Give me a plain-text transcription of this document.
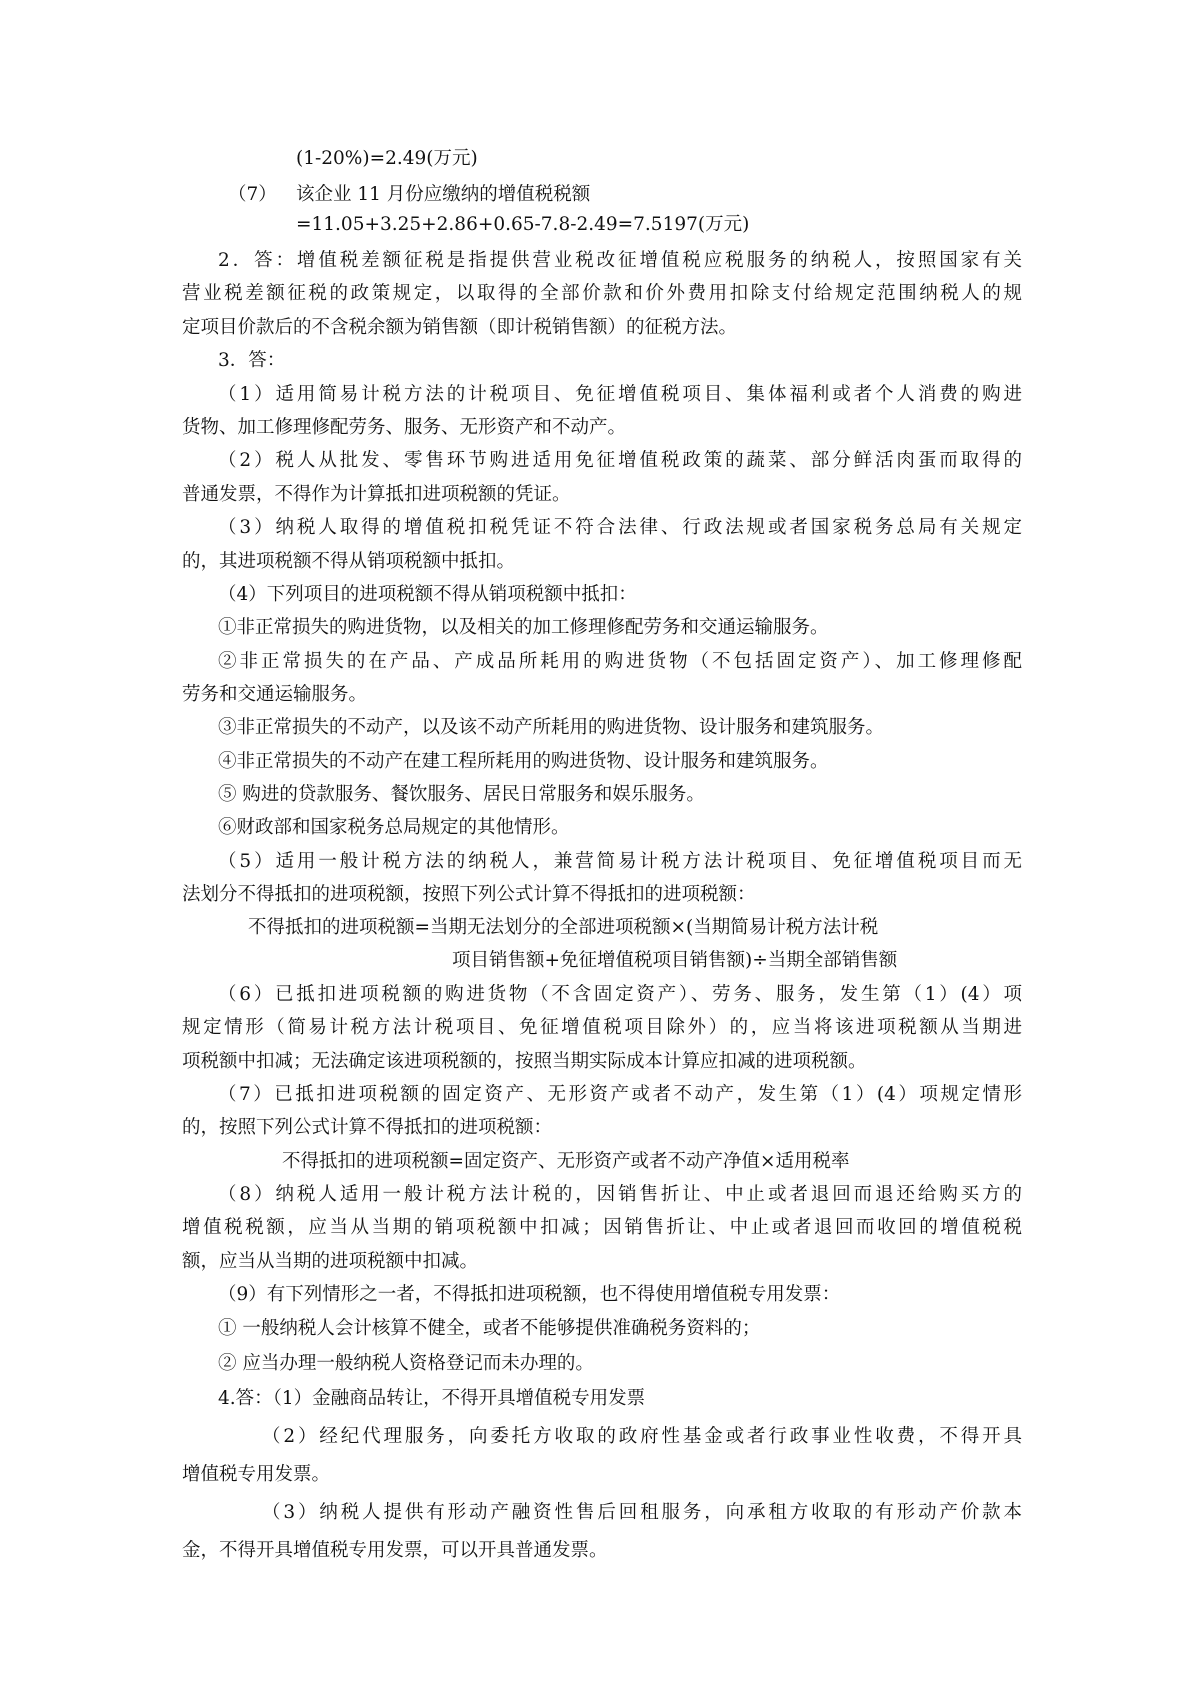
(1-20%)=2.49(万元)
（7） 该企业 11 月份应缴纳的增值税税额
=11.05+3.25+2.86+0.65-7.8-2.49=7.5197(万元)
2．答：增值税差额征税是指提供营业税改征增值税应税服务的纳税人，按照国家有关
营业税差额征税的政策规定，以取得的全部价款和价外费用扣除支付给规定范围纳税人的规
定项目价款后的不含税余额为销售额（即计税销售额）的征税方法。
3．答：
（1）适用简易计税方法的计税项目、免征增值税项目、集体福利或者个人消费的购进
货物、加工修理修配劳务、服务、无形资产和不动产。
（2）税人从批发、零售环节购进适用免征增值税政策的蔬菜、部分鲜活肉蛋而取得的
普通发票，不得作为计算抵扣进项税额的凭证。
（3）纳税人取得的增值税扣税凭证不符合法律、行政法规或者国家税务总局有关规定
的，其进项税额不得从销项税额中抵扣。
（4）下列项目的进项税额不得从销项税额中抵扣：
①非正常损失的购进货物，以及相关的加工修理修配劳务和交通运输服务。
②非正常损失的在产品、产成品所耗用的购进货物（不包括固定资产）、加工修理修配
劳务和交通运输服务。
③非正常损失的不动产，以及该不动产所耗用的购进货物、设计服务和建筑服务。
④非正常损失的不动产在建工程所耗用的购进货物、设计服务和建筑服务。
⑤ 购进的贷款服务、餐饮服务、居民日常服务和娱乐服务。
⑥财政部和国家税务总局规定的其他情形。
（5）适用一般计税方法的纳税人，兼营简易计税方法计税项目、免征增值税项目而无
法划分不得抵扣的进项税额，按照下列公式计算不得抵扣的进项税额：
不得抵扣的进项税额=当期无法划分的全部进项税额×(当期简易计税方法计税
项目销售额+免征增值税项目销售额)÷当期全部销售额
（6）已抵扣进项税额的购进货物（不含固定资产）、劳务、服务，发生第（1）(4）项
规定情形（简易计税方法计税项目、免征增值税项目除外）的，应当将该进项税额从当期进
项税额中扣减；无法确定该进项税额的，按照当期实际成本计算应扣减的进项税额。
（7）已抵扣进项税额的固定资产、无形资产或者不动产，发生第（1）(4）项规定情形
的，按照下列公式计算不得抵扣的进项税额：
不得抵扣的进项税额=固定资产、无形资产或者不动产净值×适用税率
（8）纳税人适用一般计税方法计税的，因销售折让、中止或者退回而退还给购买方的
增值税税额，应当从当期的销项税额中扣减；因销售折让、中止或者退回而收回的增值税税
额，应当从当期的进项税额中扣减。
（9）有下列情形之一者，不得抵扣进项税额，也不得使用增值税专用发票：
① 一般纳税人会计核算不健全，或者不能够提供准确税务资料的；
② 应当办理一般纳税人资格登记而未办理的。
4.答：（1）金融商品转让，不得开具增值税专用发票
（2）经纪代理服务，向委托方收取的政府性基金或者行政事业性收费，不得开具
增值税专用发票。
（3）纳税人提供有形动产融资性售后回租服务，向承租方收取的有形动产价款本
金，不得开具增值税专用发票，可以开具普通发票。
